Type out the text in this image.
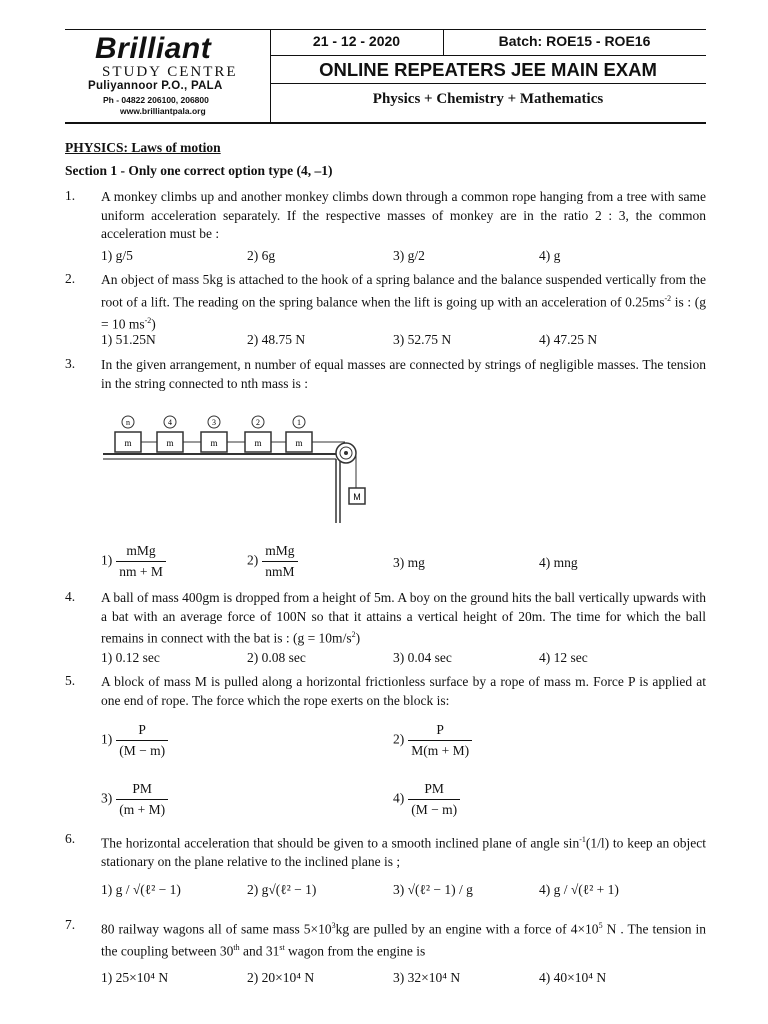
Brilliant
STUDY CENTRE
Puliyannoor P.O., PALA
Ph - 04822 206100, 206800
www.brilliantpala.org
21 - 12 - 2020	Batch: ROE15 - ROE16
ONLINE REPEATERS JEE MAIN EXAM
Physics + Chemistry + Mathematics
PHYSICS: Laws of motion
Section 1 - Only one correct option type (4, –1)
1. A monkey climbs up and another monkey climbs down through a common rope hanging from a tree with same uniform acceleration separately. If the respective masses of monkey are in the ratio 2 : 3, the common acceleration must be :
1) g/5	2) 6g	3) g/2	4) g
2. An object of mass 5kg is attached to the hook of a spring balance and the balance suspended vertically from the root of a lift. The reading on the spring balance when the lift is going up with an acceleration of $0.25ms^{-2}$ is : (g = 10 $ms^{-2}$)
1) 51.25N	2) 48.75 N	3) 52.75 N	4) 47.25 N
3. In the given arrangement, n number of equal masses are connected by strings of negligible masses. The tension in the string connected to nth mass is :
m
n
m
4
m
3
m
2
m
1
M
$1) \frac{\text{mMg}}{nm + M}$	$2) \frac{\text{mMg}}{\text{nmM}}$	3) mg	4) mng
4. A ball of mass 400gm is dropped from a height of 5m. A boy on the ground hits the ball vertically upwards with a bat with an average force of 100N so that it attains a vertical height of 20m. The time for which the ball remains in connect with the bat is : $(g = 10m/s^2)$
1) 0.12 sec	2) 0.08 sec	3) 0.04 sec	4) 12 sec
5. A block of mass M is pulled along a horizontal frictionless surface by a rope of mass m. Force P is applied at one end of rope. The force which the rope exerts on the block is:
$1) \frac{P}{(M - m)}$	$2) \frac{P}{M(m + M)}$
$3) \frac{PM}{(m + M)}$	$4) \frac{PM}{(M - m)}$
6. The horizontal acceleration that should be given to a smooth inclined plane of angle $\sin^{-1}(1/l)$ to keep an object stationary on the plane relative to the inclined plane is ;
1) g / √(ℓ² − 1)	2) g√(ℓ² − 1)	3) √(ℓ² − 1) / g	4) g / √(ℓ² + 1)
7. 80 railway wagons all of same mass $5\times 10^3kg$ are pulled by an engine with a force of $4\times 10^5$ N . The tension in the coupling between 30th and 31st wagon from the engine is
1) 25×10⁴ N	2) 20×10⁴ N	3) 32×10⁴ N	4) 40×10⁴ N
